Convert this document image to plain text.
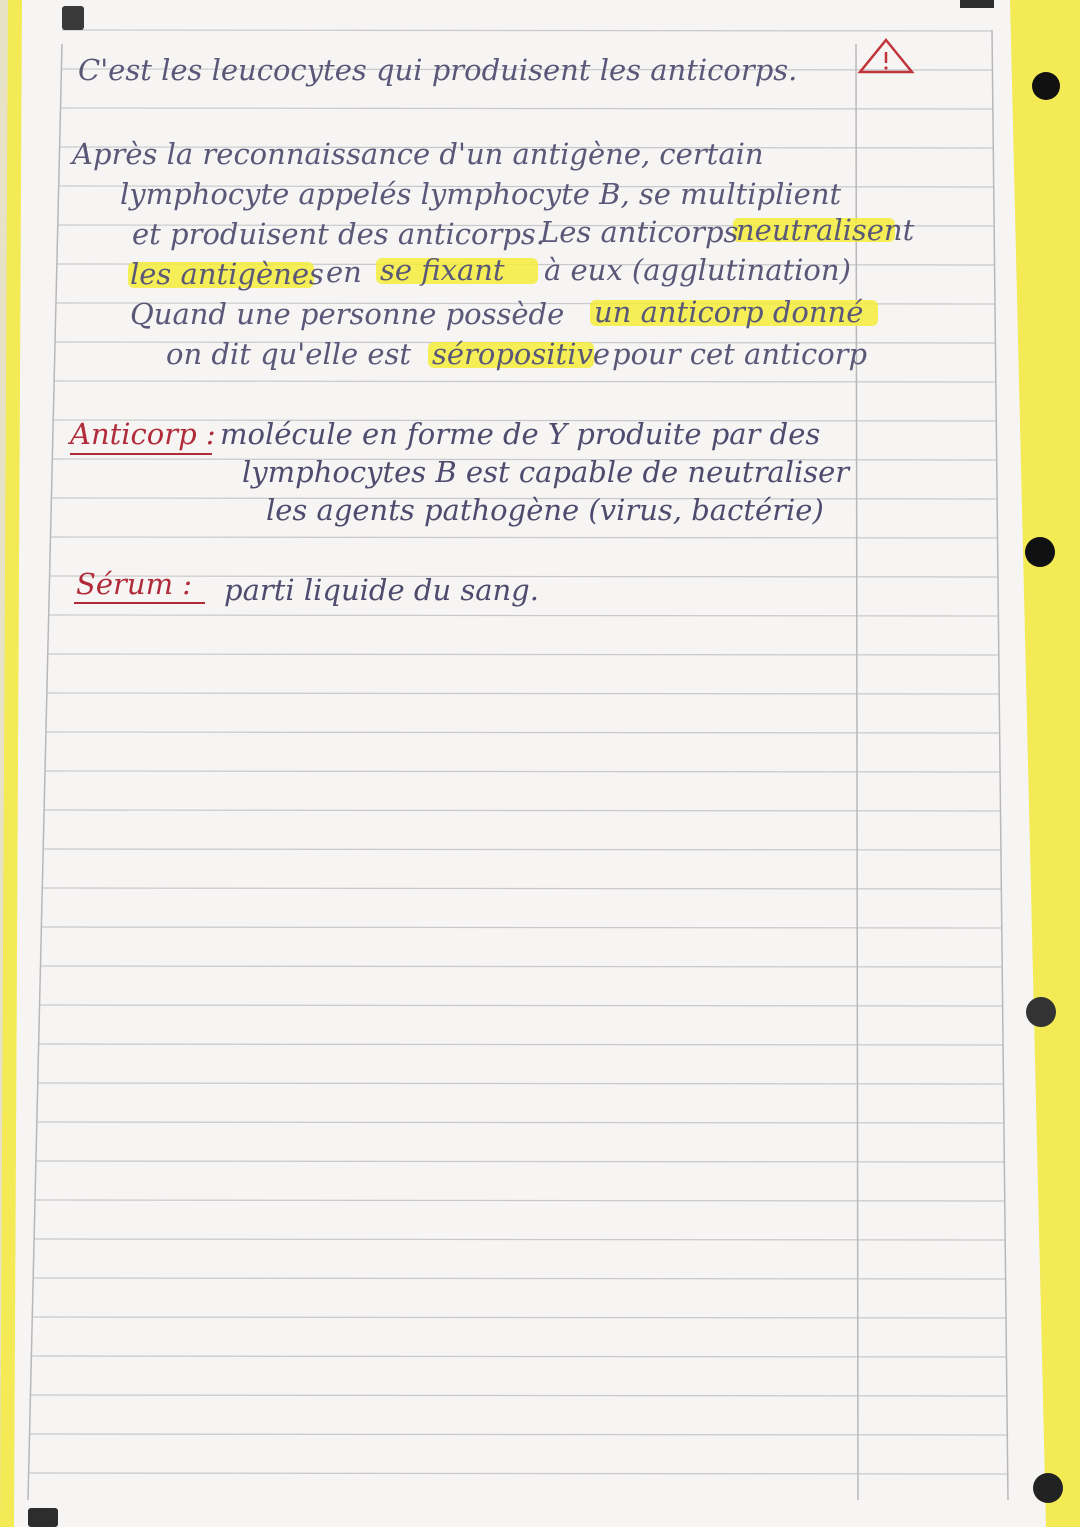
C'est les leucocytes qui produisent les anticorps.
Après la reconnaissance d'un antigène, certain
lymphocyte appelés lymphocyte B, se multiplient
et produisent des anticorps.
Les anticorps
neutralisent
les antigènes en se fixant à eux (agglutination)
Quand une personne possède un anticorp donné
on dit qu'elle est séropositive pour cet anticorp
Anticorp : molécule en forme de Y produite par des
lymphocytes B est capable de neutraliser
les agents pathogène (virus, bactérie)
Sérum : parti liquide du sang.
